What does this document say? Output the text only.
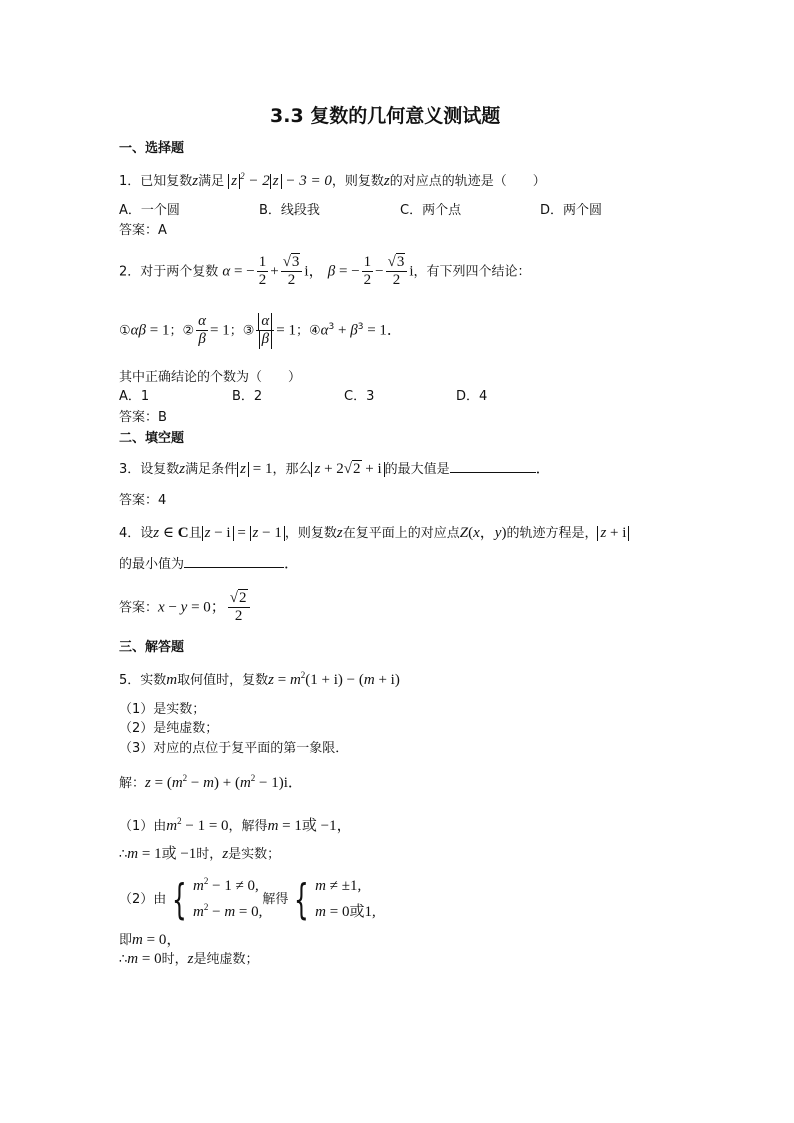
3.3 复数的几何意义测试题
一、选择题
1．已知复数z满足 z $^2$ − 2 z − 3 = 0，则复数z的对应点的轨迹是（ ）
A．一个圆	B．线段我	C．两个点	D．两个圆
答案：A
2．对于两个复数 α = − $\frac{1}{2} + \frac{√3}{2}$ i， β = − $\frac{1}{2} - \frac{√3}{2}$ i，有下列四个结论：
①αβ = 1；② $\frac{\alpha}{\beta} = 1$；③ $\frac{\alpha}{\beta} = 1$；$④\alpha^3 + \beta^3 = 1$．
其中正确结论的个数为（　　）
A．1	B．2	C．3	D．4
答案：B
二、填空题
3．设复数z满足条件 z = 1，那么 z + 2√2 + i 的最大值是	．
答案：4
4．设z ∈ C且 z − i = z − 1 ，则复数z在复平面上的对应点Z(x，y)的轨迹方程是， z + i
的最小值为	．
答案：x − y = 0； $\frac{√2}{2}$
三、解答题
5．实数m取何值时，复数$z = m^2(1 + i) - (m + i)$
（1）是实数；
（2）是纯虚数；
（3）对应的点位于复平面的第一象限．
解：$z = (m^2 - m) + (m^2 - 1)i$．
（1）由$m^2 - 1 = 0$，解得m = 1或 −1，
∴m = 1或 −1时，z是实数；
（2）由 { $m^2 - 1 \ne 0$,
$m^2 - m = 0$,
解得 { m ≠ ±1,
m = 0或1,
即m = 0，
∴m = 0时，z是纯虚数；
